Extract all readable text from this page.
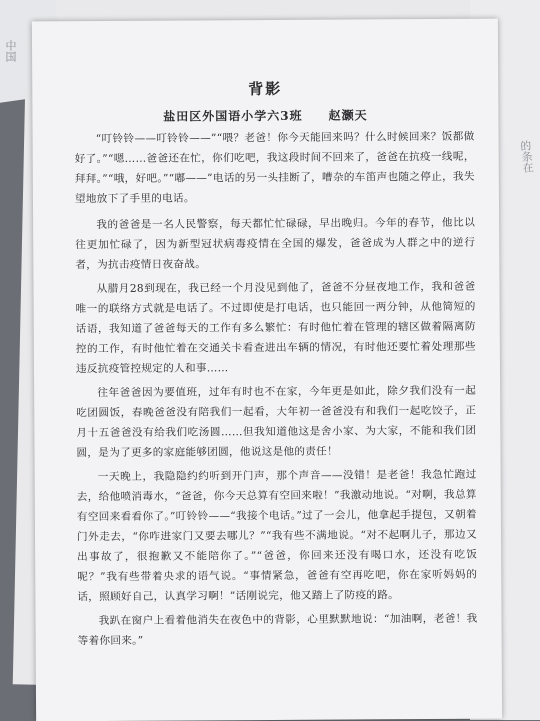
中国
的条在
背影
盐田区外国语小学六3班　　赵灏天

“叮铃铃——叮铃铃——”“喂？老爸！你今天能回来吗？什么时候回来？饭都做好了。”“嗯……爸爸还在忙，你们吃吧，我这段时间不回来了，爸爸在抗疫一线呢，拜拜。”“哦，好吧。”“嘟——”电话的另一头挂断了，嘈杂的车笛声也随之停止，我失望地放下了手里的电话。

我的爸爸是一名人民警察，每天都忙忙碌碌，早出晚归。今年的春节，他比以往更加忙碌了，因为新型冠状病毒疫情在全国的爆发，爸爸成为人群之中的逆行者，为抗击疫情日夜奋战。

从腊月28到现在，我已经一个月没见到他了，爸爸不分昼夜地工作，我和爸爸唯一的联络方式就是电话了。不过即使是打电话，也只能回一两分钟，从他简短的话语，我知道了爸爸每天的工作有多么繁忙：有时他忙着在管理的辖区做着隔离防控的工作，有时他忙着在交通关卡看查进出车辆的情况，有时他还要忙着处理那些违反抗疫管控规定的人和事……

往年爸爸因为要值班，过年有时也不在家，今年更是如此，除夕我们没有一起吃团圆饭，春晚爸爸没有陪我们一起看，大年初一爸爸没有和我们一起吃饺子，正月十五爸爸没有给我们吃汤圆……但我知道他这是舍小家、为大家，不能和我们团圆，是为了更多的家庭能够团圆，他说这是他的责任！

一天晚上，我隐隐约约听到开门声，那个声音——没错！是老爸！我急忙跑过去，给他喷消毒水，“爸爸，你今天总算有空回来啦！”我激动地说。“对啊，我总算有空回来看看你了。”叮铃铃——“我接个电话。”过了一会儿，他拿起手提包，又朝着门外走去，“你咋进家门又要去哪儿？”“我有些不满地说。“对不起啊儿子，那边又出事故了，很抱歉又不能陪你了。”“爸爸，你回来还没有喝口水，还没有吃饭呢？”我有些带着央求的语气说。“事情紧急，爸爸有空再吃吧，你在家听妈妈的话，照顾好自己，认真学习啊！”话刚说完，他又踏上了防疫的路。

我趴在窗户上看着他消失在夜色中的背影，心里默默地说：“加油啊，老爸！我等着你回来。”
